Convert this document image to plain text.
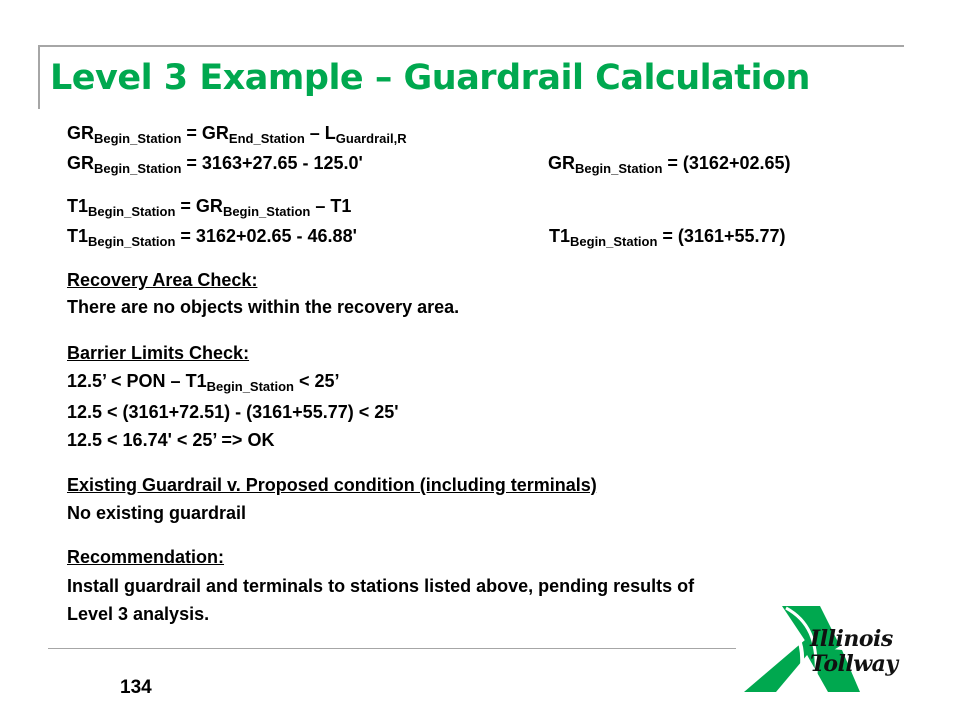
Level 3 Example – Guardrail Calculation
$GR_{Begin\_Station} = GR_{End\_Station} - L_{Guardrail,R}$
$GR_{Begin\_Station} = 3163+27.65 - 125.0'$	$GR_{Begin\_Station} = (3162+02.65)$
$T1_{Begin\_Station} = GR_{Begin\_Station} - T1$
$T1_{Begin\_Station} = 3162+02.65 - 46.88'$	$T1_{Begin\_Station} = (3161+55.77)$
Recovery Area Check:
There are no objects within the recovery area.
Barrier Limits Check:
12.5’ < PON – $T1_{Begin\_Station} < 25$’
12.5 < (3161+72.51) - (3161+55.77) < 25'
12.5 < 16.74' < 25’ => OK
Existing Guardrail v. Proposed condition (including terminals)
No existing guardrail
Recommendation:
Install guardrail and terminals to stations listed above, pending results of
Level 3 analysis.
134
Illinois
Tollway
